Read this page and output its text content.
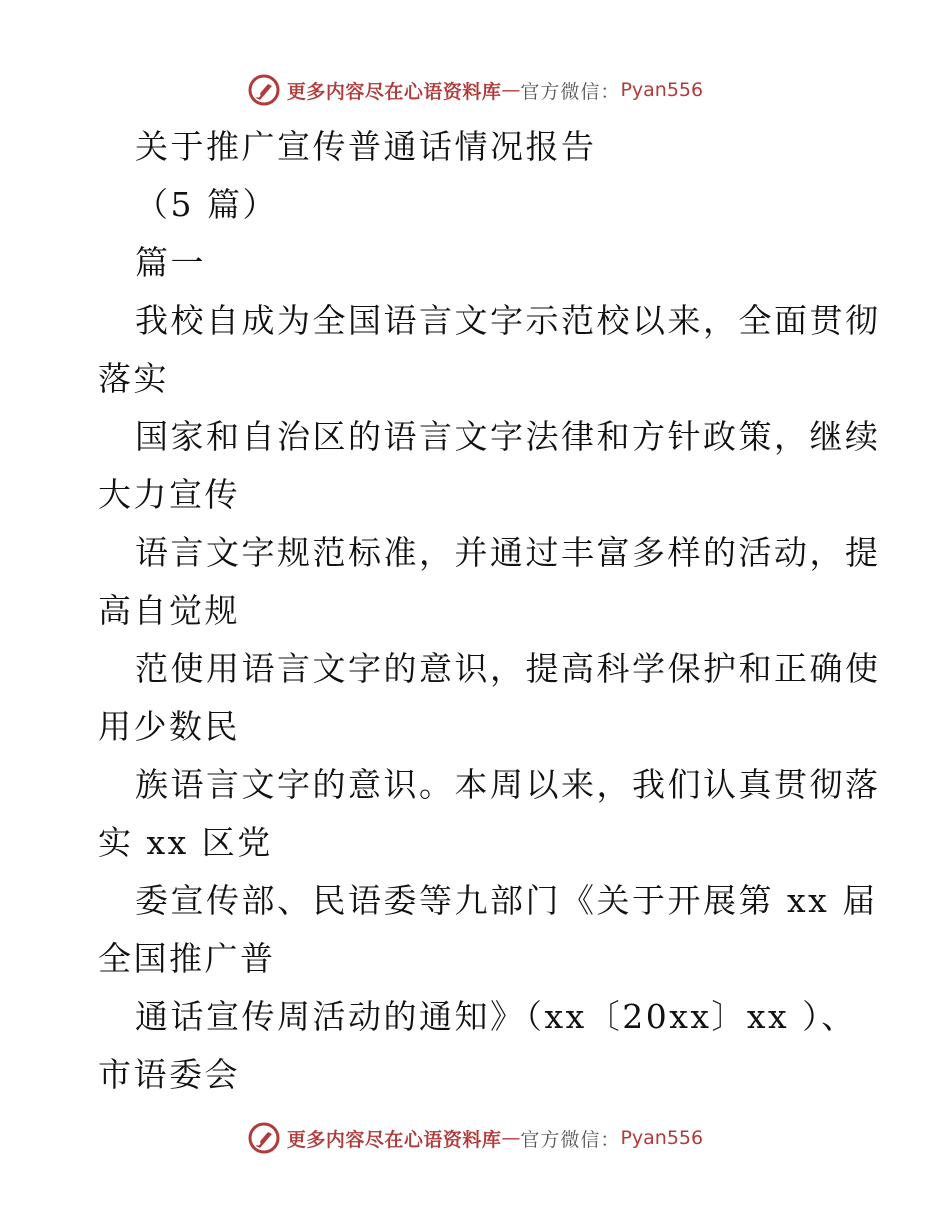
更多内容尽在心语资料库 — 官方微信： Pyan556
关于推广宣传普通话情况报告
（5 篇）
篇一
我校自成为全国语言文字示范校以来，全面贯彻
落实
国家和自治区的语言文字法律和方针政策，继续
大力宣传
语言文字规范标准，并通过丰富多样的活动，提
高自觉规
范使用语言文字的意识，提高科学保护和正确使
用少数民
族语言文字的意识。本周以来，我们认真贯彻落
实 xx 区党
委宣传部、民语委等九部门《关于开展第 xx 届
全国推广普
通话宣传周活动的通知》（xx〔20xx〕xx ）、
市语委会
更多内容尽在心语资料库 — 官方微信： Pyan556
